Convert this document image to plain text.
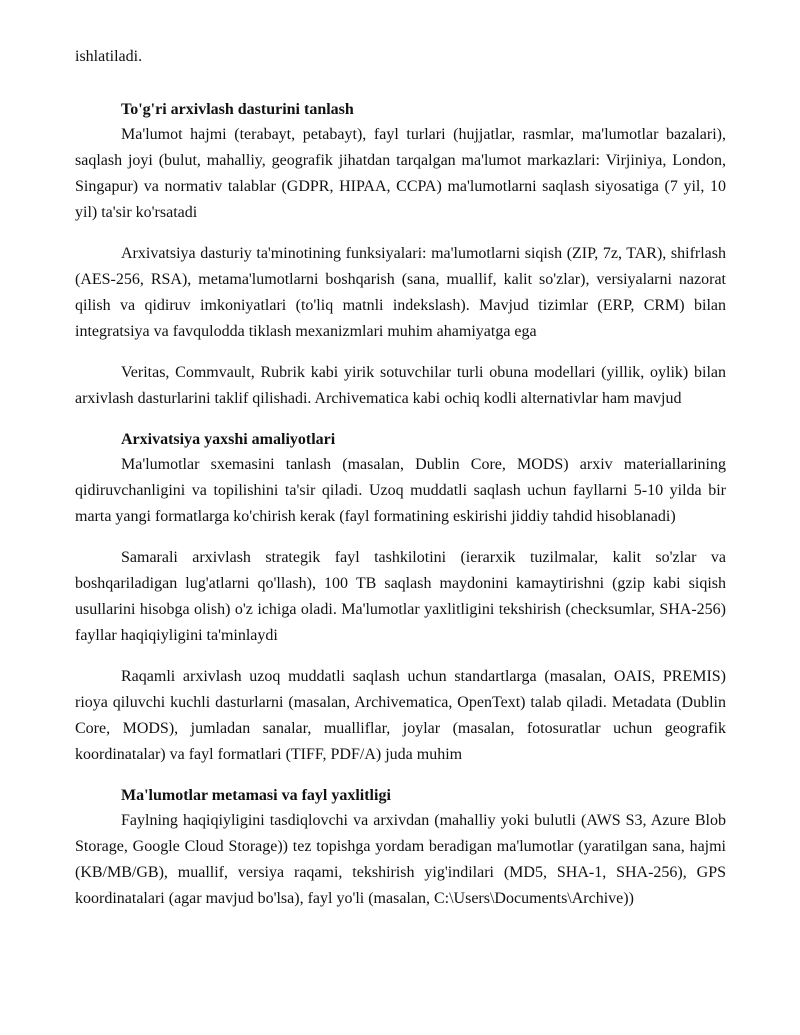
ishlatiladi.

To'g'ri arxivlash dasturini tanlash

Ma'lumot hajmi (terabayt, petabayt), fayl turlari (hujjatlar, rasmlar, ma'lumotlar bazalari), saqlash joyi (bulut, mahalliy, geografik jihatdan tarqalgan ma'lumot markazlari: Virjiniya, London, Singapur) va normativ talablar (GDPR, HIPAA, CCPA) ma'lumotlarni saqlash siyosatiga (7 yil, 10 yil) ta'sir ko'rsatadi

Arxivatsiya dasturiy ta'minotining funksiyalari: ma'lumotlarni siqish (ZIP, 7z, TAR), shifrlash (AES-256, RSA), metama'lumotlarni boshqarish (sana, muallif, kalit so'zlar), versiyalarni nazorat qilish va qidiruv imkoniyatlari (to'liq matnli indekslash). Mavjud tizimlar (ERP, CRM) bilan integratsiya va favqulodda tiklash mexanizmlari muhim ahamiyatga ega

Veritas, Commvault, Rubrik kabi yirik sotuvchilar turli obuna modellari (yillik, oylik) bilan arxivlash dasturlarini taklif qilishadi. Archivematica kabi ochiq kodli alternativlar ham mavjud

Arxivatsiya yaxshi amaliyotlari

Ma'lumotlar sxemasini tanlash (masalan, Dublin Core, MODS) arxiv materiallarining qidiruvchanligini va topilishini ta'sir qiladi. Uzoq muddatli saqlash uchun fayllarni 5-10 yilda bir marta yangi formatlarga ko'chirish kerak (fayl formatining eskirishi jiddiy tahdid hisoblanadi)

Samarali arxivlash strategik fayl tashkilotini (ierarxik tuzilmalar, kalit so'zlar va boshqariladigan lug'atlarni qo'llash), 100 TB saqlash maydonini kamaytirishni (gzip kabi siqish usullarini hisobga olish) o'z ichiga oladi. Ma'lumotlar yaxlitligini tekshirish (checksumlar, SHA-256) fayllar haqiqiyligini ta'minlaydi

Raqamli arxivlash uzoq muddatli saqlash uchun standartlarga (masalan, OAIS, PREMIS) rioya qiluvchi kuchli dasturlarni (masalan, Archivematica, OpenText) talab qiladi. Metadata (Dublin Core, MODS), jumladan sanalar, mualliflar, joylar (masalan, fotosuratlar uchun geografik koordinatalar) va fayl formatlari (TIFF, PDF/A) juda muhim

Ma'lumotlar metamasi va fayl yaxlitligi

Faylning haqiqiyligini tasdiqlovchi va arxivdan (mahalliy yoki bulutli (AWS S3, Azure Blob Storage, Google Cloud Storage)) tez topishga yordam beradigan ma'lumotlar (yaratilgan sana, hajmi (KB/MB/GB), muallif, versiya raqami, tekshirish yig'indilari (MD5, SHA-1, SHA-256), GPS koordinatalari (agar mavjud bo'lsa), fayl yo'li (masalan, C:\Users\Documents\Archive))
